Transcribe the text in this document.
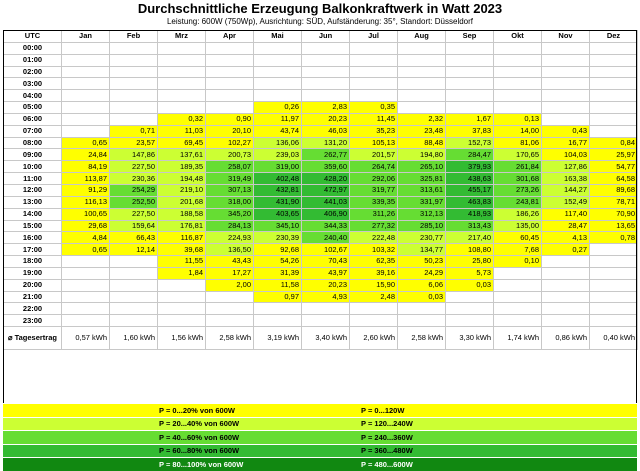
Durchschnittliche Erzeugung Balkonkraftwerk in Watt 2023
Leistung: 600W (750Wp), Ausrichtung: SÜD, Aufständerung: 35°, Standort: Düsseldorf
UTC	Jan	Feb	Mrz	Apr	Mai	Jun	Jul	Aug	Sep	Okt	Nov	Dez
00:00												
01:00												
02:00												
03:00												
04:00												
05:00					0,26	2,83	0,35					
06:00			0,32	0,90	11,97	20,23	11,45	2,32	1,67	0,13		
07:00		0,71	11,03	20,10	43,74	46,03	35,23	23,48	37,83	14,00	0,43	
08:00	0,65	23,57	69,45	102,27	136,06	131,20	105,13	88,48	152,73	81,06	16,77	0,84
09:00	24,84	147,86	137,61	200,73	239,03	262,77	201,57	194,80	284,47	170,65	104,03	25,97
10:00	84,19	227,50	189,35	258,07	319,00	359,60	264,74	265,10	379,93	261,84	127,86	54,77
11:00	113,87	230,36	194,48	319,49	402,48	428,20	292,06	325,81	438,63	301,68	163,38	64,58
12:00	91,29	254,29	219,10	307,13	432,81	472,97	319,77	313,61	455,17	273,26	144,27	89,68
13:00	116,13	252,50	201,68	318,00	431,90	441,03	339,35	331,97	463,83	243,81	152,49	78,71
14:00	100,65	227,50	188,58	345,20	403,65	406,90	311,26	312,13	418,93	186,26	117,40	70,90
15:00	29,68	159,64	176,81	284,13	345,10	344,33	277,32	285,10	313,43	135,00	28,47	13,65
16:00	4,84	66,43	116,87	224,93	230,39	240,40	222,48	230,77	217,40	60,45	4,13	0,78
17:00	0,65	12,14	39,68	136,50	92,68	102,67	103,32	134,77	108,80	7,68	0,27	
18:00			11,55	43,43	54,26	70,43	62,35	50,23	25,80	0,10		
19:00			1,84	17,27	31,39	43,97	39,16	24,29	5,73			
20:00				2,00	11,58	20,23	15,90	6,06	0,03			
21:00					0,97	4,93	2,48	0,03				
22:00												
23:00												
⌀ Tagesertrag	0,57 kWh	1,60 kWh	1,56 kWh	2,58 kWh	3,19 kWh	3,40 kWh	2,60 kWh	2,58 kWh	3,30 kWh	1,74 kWh	0,86 kWh	0,40 kWh
	P = 0...20% von 600W	P = 0...120W
	P = 20...40% von 600W	P = 120...240W
	P = 40...60% von 600W	P = 240...360W
	P = 60...80% von 600W	P = 360...480W
	P = 80...100% von 600W	P = 480...600W
